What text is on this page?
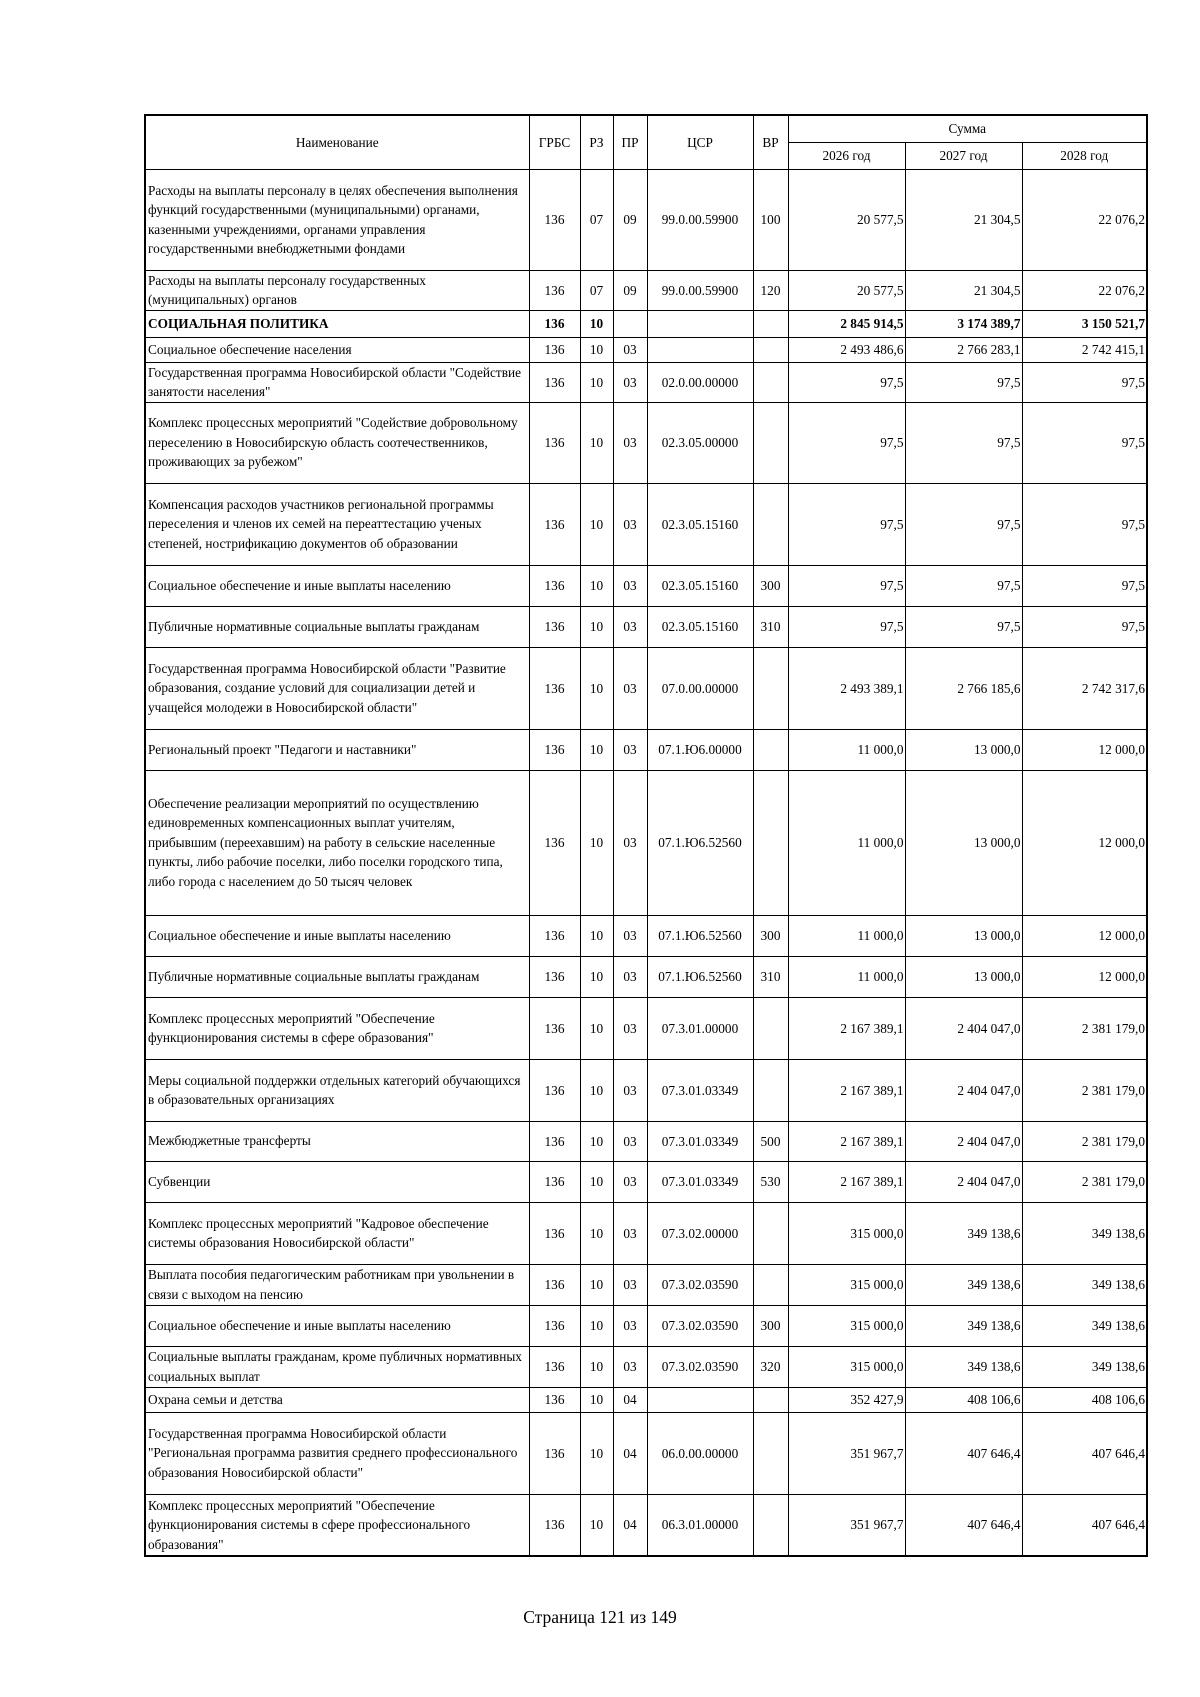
Наименование	ГРБС	РЗ	ПР	ЦСР	ВР	Сумма		
						2026 год	2027 год	2028 год
Расходы на выплаты персоналу в целях обеспечения выполнения функций государственными (муниципальными) органами, казенными учреждениями, органами управления государственными внебюджетными фондами	136	07	09	99.0.00.59900	100	20 577,5	21 304,5	22 076,2
Расходы на выплаты персоналу государственных (муниципальных) органов	136	07	09	99.0.00.59900	120	20 577,5	21 304,5	22 076,2
СОЦИАЛЬНАЯ ПОЛИТИКА	136	10				2 845 914,5	3 174 389,7	3 150 521,7
Социальное обеспечение населения	136	10	03			2 493 486,6	2 766 283,1	2 742 415,1
Государственная программа Новосибирской области "Содействие занятости населения"	136	10	03	02.0.00.00000		97,5	97,5	97,5
Комплекс процессных мероприятий "Содействие добровольному переселению в Новосибирскую область соотечественников, проживающих за рубежом"	136	10	03	02.3.05.00000		97,5	97,5	97,5
Компенсация расходов участников региональной программы переселения и членов их семей на переаттестацию ученых степеней, нострификацию документов об образовании	136	10	03	02.3.05.15160		97,5	97,5	97,5
Социальное обеспечение и иные выплаты населению	136	10	03	02.3.05.15160	300	97,5	97,5	97,5
Публичные нормативные социальные выплаты гражданам	136	10	03	02.3.05.15160	310	97,5	97,5	97,5
Государственная программа Новосибирской области "Развитие образования, создание условий для социализации детей и учащейся молодежи в Новосибирской области"	136	10	03	07.0.00.00000		2 493 389,1	2 766 185,6	2 742 317,6
Региональный проект "Педагоги и наставники"	136	10	03	07.1.Ю6.00000		11 000,0	13 000,0	12 000,0
Обеспечение реализации мероприятий по осуществлению единовременных компенсационных выплат учителям, прибывшим (переехавшим) на работу в сельские населенные пункты, либо рабочие поселки, либо поселки городского типа, либо города с населением до 50 тысяч человек	136	10	03	07.1.Ю6.52560		11 000,0	13 000,0	12 000,0
Социальное обеспечение и иные выплаты населению	136	10	03	07.1.Ю6.52560	300	11 000,0	13 000,0	12 000,0
Публичные нормативные социальные выплаты гражданам	136	10	03	07.1.Ю6.52560	310	11 000,0	13 000,0	12 000,0
Комплекс процессных мероприятий "Обеспечение функционирования системы в сфере образования"	136	10	03	07.3.01.00000		2 167 389,1	2 404 047,0	2 381 179,0
Меры социальной поддержки отдельных категорий обучающихся в образовательных организациях	136	10	03	07.3.01.03349		2 167 389,1	2 404 047,0	2 381 179,0
Межбюджетные трансферты	136	10	03	07.3.01.03349	500	2 167 389,1	2 404 047,0	2 381 179,0
Субвенции	136	10	03	07.3.01.03349	530	2 167 389,1	2 404 047,0	2 381 179,0
Комплекс процессных мероприятий "Кадровое обеспечение системы образования Новосибирской области"	136	10	03	07.3.02.00000		315 000,0	349 138,6	349 138,6
Выплата пособия педагогическим работникам при увольнении в связи с выходом на пенсию	136	10	03	07.3.02.03590		315 000,0	349 138,6	349 138,6
Социальное обеспечение и иные выплаты населению	136	10	03	07.3.02.03590	300	315 000,0	349 138,6	349 138,6
Социальные выплаты гражданам, кроме публичных нормативных социальных выплат	136	10	03	07.3.02.03590	320	315 000,0	349 138,6	349 138,6
Охрана семьи и детства	136	10	04			352 427,9	408 106,6	408 106,6
Государственная программа Новосибирской области "Региональная программа развития среднего профессионального образования Новосибирской области"	136	10	04	06.0.00.00000		351 967,7	407 646,4	407 646,4
Комплекс процессных мероприятий "Обеспечение функционирования системы в сфере профессионального образования"	136	10	04	06.3.01.00000		351 967,7	407 646,4	407 646,4
Страница 121 из 149
